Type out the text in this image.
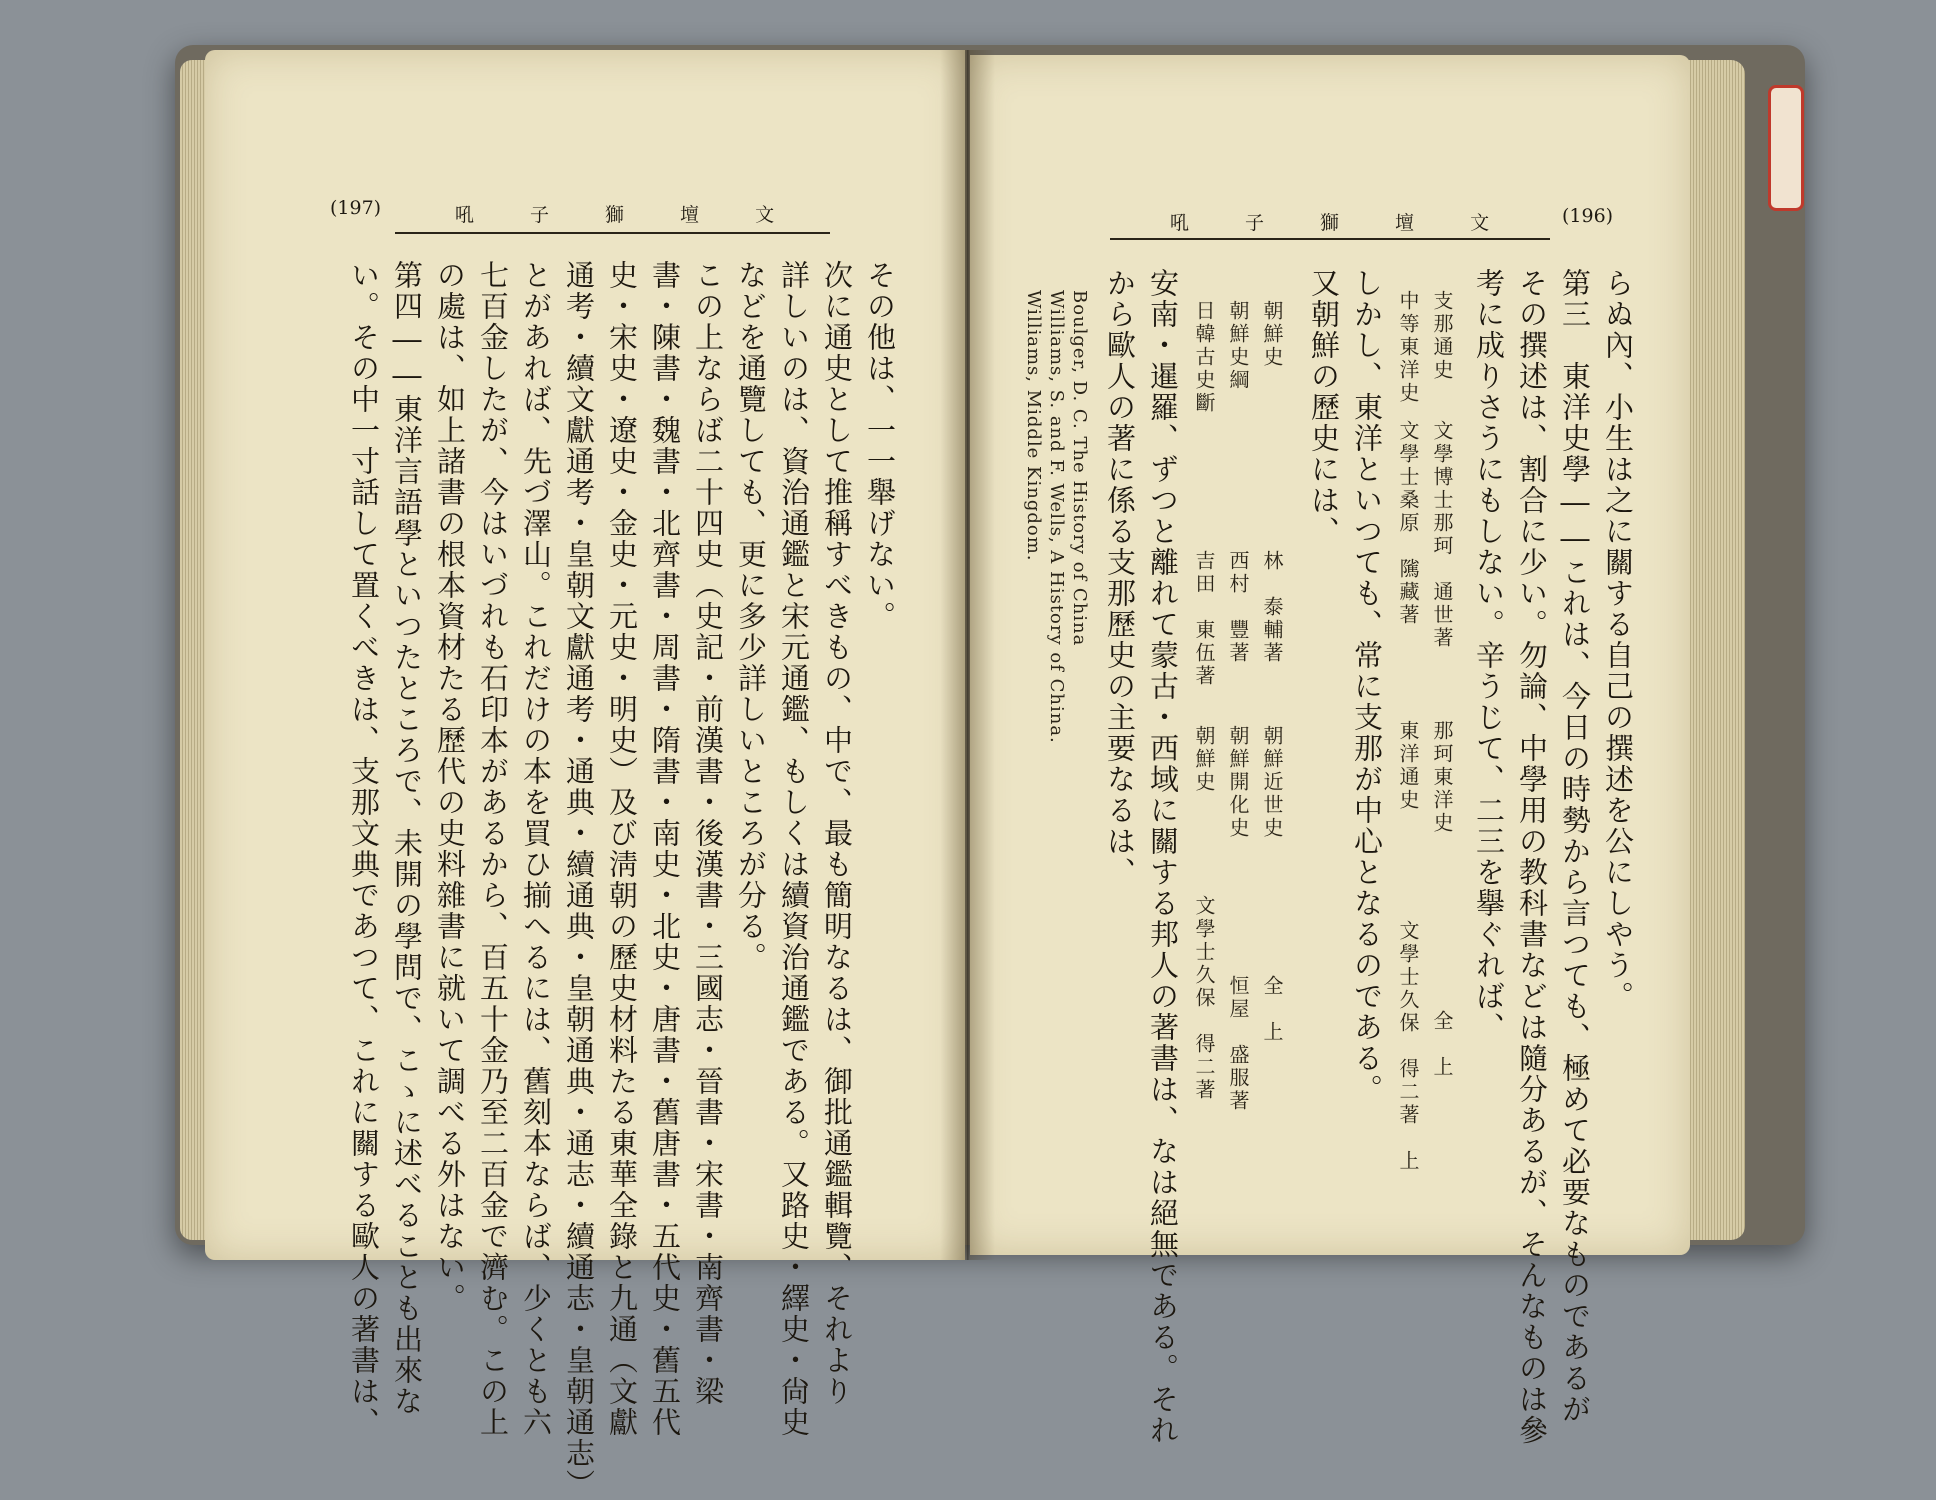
(197)	文
壇
獅
子
吼
その他は、一一舉げない。
次に通史として推稱すべきもの、中で、最も簡明なるは、御批通鑑輯覽、それより
詳しいのは、資治通鑑と宋元通鑑、もしくは續資治通鑑である。又路史・繹史・尙史
などを通覽しても、更に多少詳しいところが分る。
この上ならば二十四史（史記・前漢書・後漢書・三國志・晉書・宋書・南齊書・梁
書・陳書・魏書・北齊書・周書・隋書・南史・北史・唐書・舊唐書・五代史・舊五代
史・宋史・遼史・金史・元史・明史）及び淸朝の歷史材料たる東華全錄と九通（文獻
通考・續文獻通考・皇朝文獻通考・通典・續通典・皇朝通典・通志・續通志・皇朝通志）
とがあれば、先づ澤山。これだけの本を買ひ揃へるには、舊刻本ならば、少くとも六
七百金したが、今はいづれも石印本があるから、百五十金乃至二百金で濟む。この上
の處は、如上諸書の根本資材たる歷代の史料雜書に就いて調べる外はない。
第四――東洋言語學といつたところで、未開の學問で、こゝに述べることも出來な
い。その中一寸話して置くべきは、支那文典であつて、これに關する歐人の著書は、
(196)
文
壇
獅
子
吼
らぬ內、小生は之に關する自己の撰述を公にしやう。
第三　東洋史學――これは、今日の時勢から言つても、極めて必要なものであるが
その撰述は、割合に少い。勿論、中學用の教科書などは隨分あるが、そんなものは參
考に成りさうにもしない。辛うじて、二三を擧ぐれば、
支那通史
文學博士那珂　通世著
那珂東洋史
全　上
中等東洋史
文學士桑原　隲藏著
東洋通史
文學士久保　得二著　上
しかし、東洋といつても、常に支那が中心となるのである。
又朝鮮の歷史には、
朝鮮史
林　泰輔著
朝鮮近世史
全　上
朝鮮史綱
西村　豐著
朝鮮開化史
恒屋　盛服著
日韓古史斷
吉田　東伍著
朝鮮史
文學士久保　得二著
安南・暹羅、ずつと離れて蒙古・西域に關する邦人の著書は、なは絕無である。それ
から歐人の著に係る支那歷史の主要なるは、
Boulger, D. C. The History of China
Williams, S. and F. Wells, A History of China.
Williams, Middle Kingdom.
